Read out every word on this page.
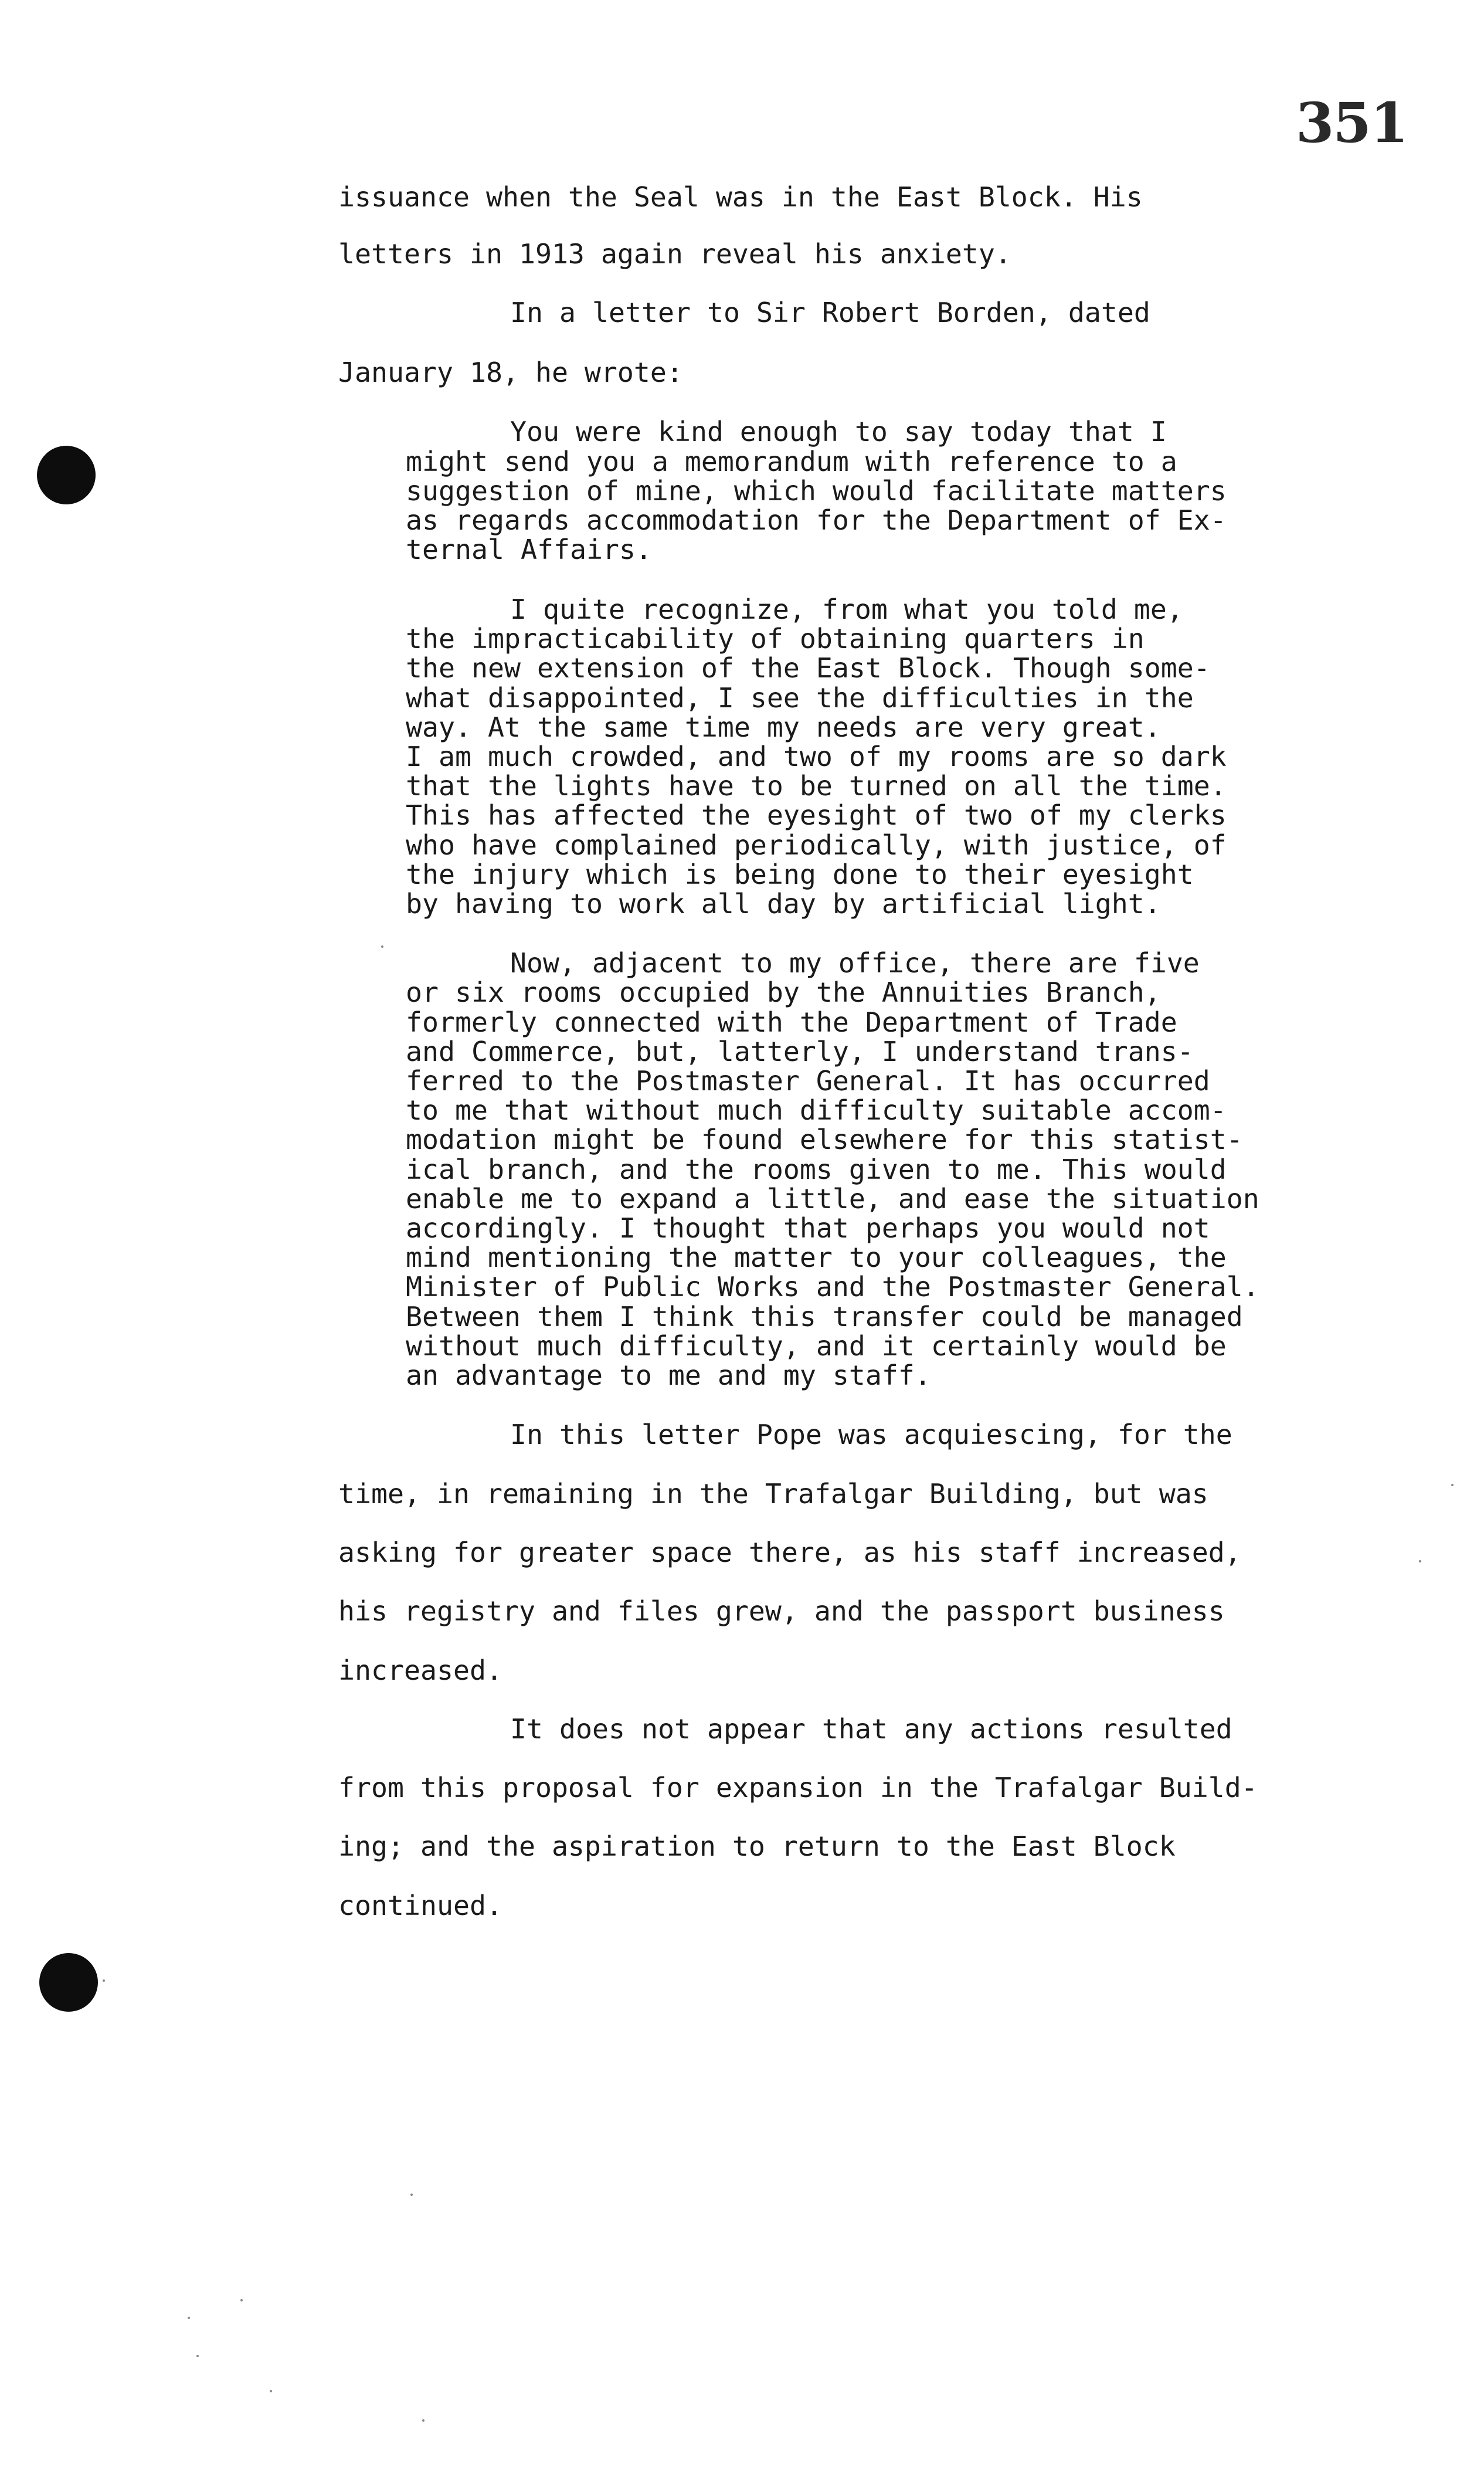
351
issuance when the Seal was in the East Block. His
letters in 1913 again reveal his anxiety.
In a letter to Sir Robert Borden, dated
January 18, he wrote:
You were kind enough to say today that I
might send you a memorandum with reference to a
suggestion of mine, which would facilitate matters
as regards accommodation for the Department of Ex-
ternal Affairs.
I quite recognize, from what you told me,
the impracticability of obtaining quarters in
the new extension of the East Block. Though some-
what disappointed, I see the difficulties in the
way. At the same time my needs are very great.
I am much crowded, and two of my rooms are so dark
that the lights have to be turned on all the time.
This has affected the eyesight of two of my clerks
who have complained periodically, with justice, of
the injury which is being done to their eyesight
by having to work all day by artificial light.
Now, adjacent to my office, there are five
or six rooms occupied by the Annuities Branch,
formerly connected with the Department of Trade
and Commerce, but, latterly, I understand trans-
ferred to the Postmaster General. It has occurred
to me that without much difficulty suitable accom-
modation might be found elsewhere for this statist-
ical branch, and the rooms given to me. This would
enable me to expand a little, and ease the situation
accordingly. I thought that perhaps you would not
mind mentioning the matter to your colleagues, the
Minister of Public Works and the Postmaster General.
Between them I think this transfer could be managed
without much difficulty, and it certainly would be
an advantage to me and my staff.
In this letter Pope was acquiescing, for the
time, in remaining in the Trafalgar Building, but was
asking for greater space there, as his staff increased,
his registry and files grew, and the passport business
increased.
It does not appear that any actions resulted
from this proposal for expansion in the Trafalgar Build-
ing; and the aspiration to return to the East Block
continued.
